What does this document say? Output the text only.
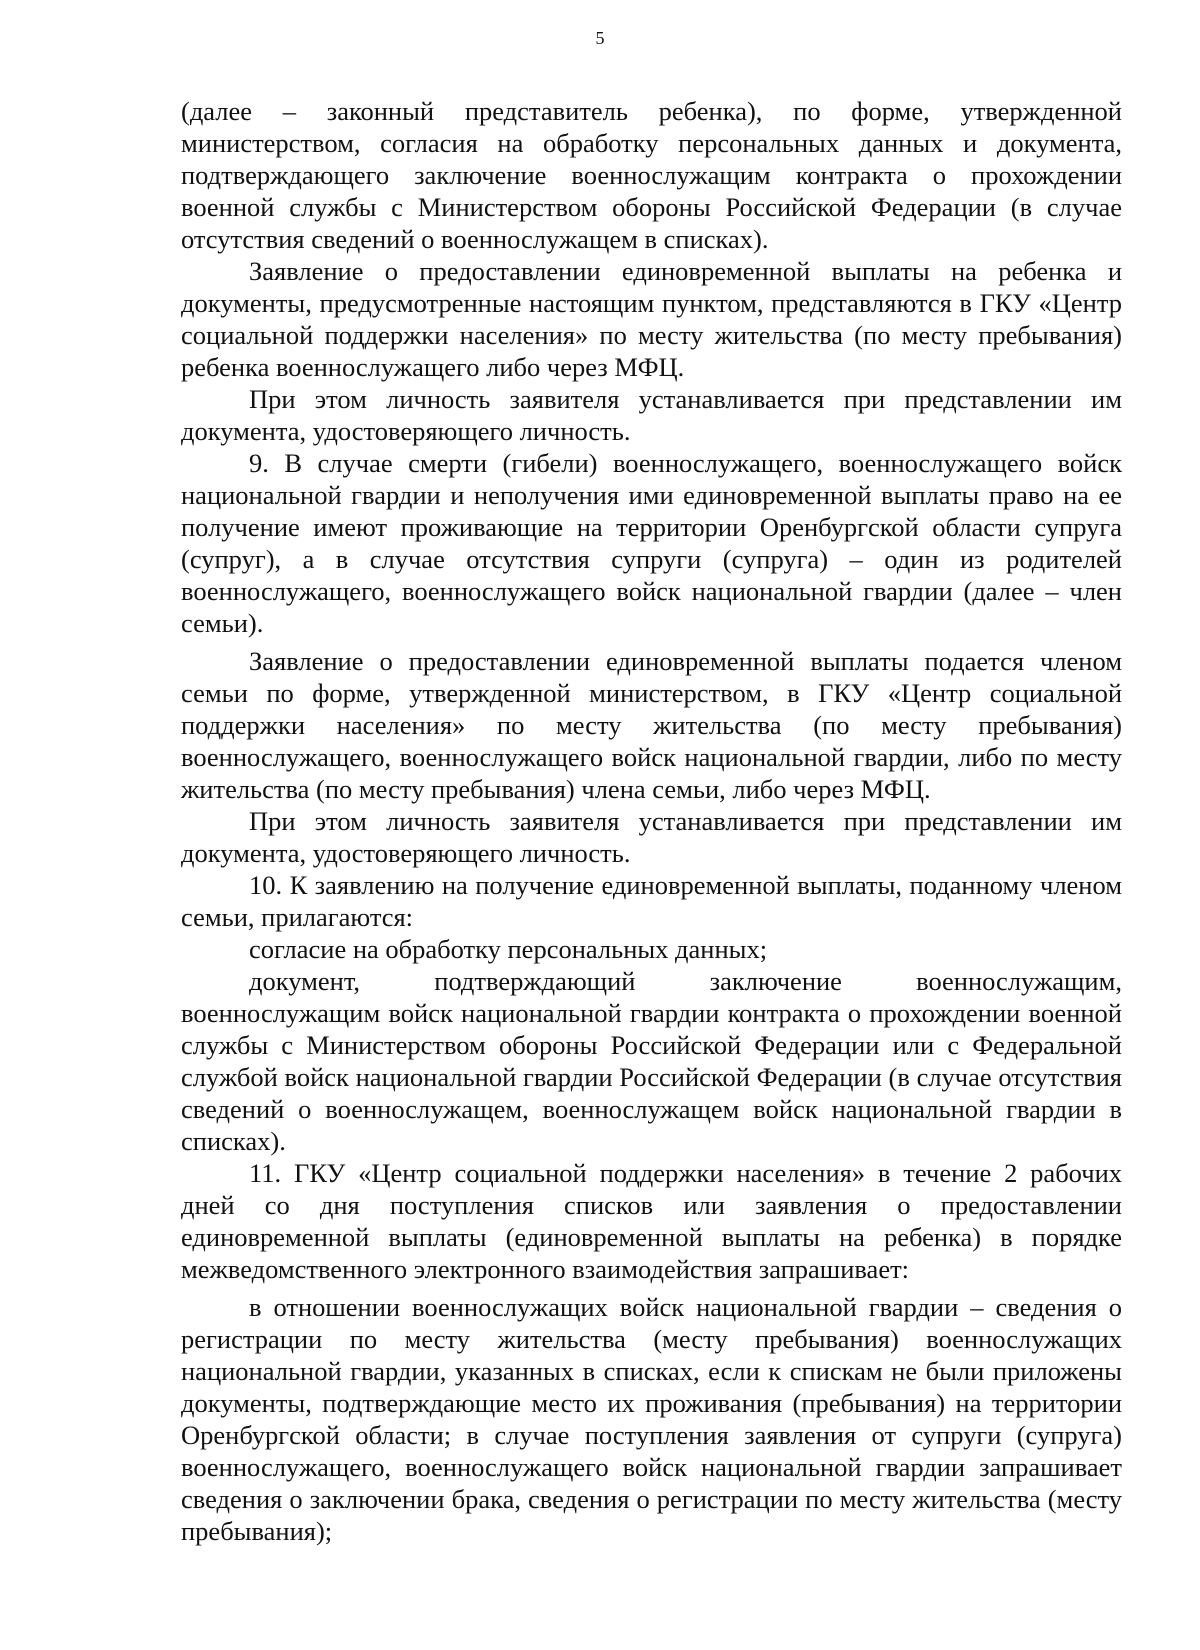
5

(далее – законный представитель ребенка), по форме, утвержденной министерством, согласия на обработку персональных данных и документа, подтверждающего заключение военнослужащим контракта о прохождении военной службы с Министерством обороны Российской Федерации (в случае отсутствия сведений о военнослужащем в списках).

Заявление о предоставлении единовременной выплаты на ребенка и документы, предусмотренные настоящим пунктом, представляются в ГКУ «Центр социальной поддержки населения» по месту жительства (по месту пребывания) ребенка военнослужащего либо через МФЦ.

При этом личность заявителя устанавливается при представлении им документа, удостоверяющего личность.

9. В случае смерти (гибели) военнослужащего, военнослужащего войск национальной гвардии и неполучения ими единовременной выплаты право на ее получение имеют проживающие на территории Оренбургской области супруга (супруг), а в случае отсутствия супруги (супруга) – один из родителей военнослужащего, военнослужащего войск национальной гвардии (далее – член семьи).

Заявление о предоставлении единовременной выплаты подается членом семьи по форме, утвержденной министерством, в ГКУ «Центр социальной поддержки населения» по месту жительства (по месту пребывания) военнослужащего, военнослужащего войск национальной гвардии, либо по месту жительства (по месту пребывания) члена семьи, либо через МФЦ.

При этом личность заявителя устанавливается при представлении им документа, удостоверяющего личность.

10. К заявлению на получение единовременной выплаты, поданному членом семьи, прилагаются:

согласие на обработку персональных данных;

документ, подтверждающий заключение военнослужащим, военнослужащим войск национальной гвардии контракта о прохождении военной службы с Министерством обороны Российской Федерации или с Федеральной службой войск национальной гвардии Российской Федерации (в случае отсутствия сведений о военнослужащем, военнослужащем войск национальной гвардии в списках).

11. ГКУ «Центр социальной поддержки населения» в течение 2 рабочих дней со дня поступления списков или заявления о предоставлении единовременной выплаты (единовременной выплаты на ребенка) в порядке межведомственного электронного взаимодействия запрашивает:

в отношении военнослужащих войск национальной гвардии – сведения о регистрации по месту жительства (месту пребывания) военнослужащих национальной гвардии, указанных в списках, если к спискам не были приложены документы, подтверждающие место их проживания (пребывания) на территории Оренбургской области; в случае поступления заявления от супруги (супруга) военнослужащего, военнослужащего войск национальной гвардии запрашивает сведения о заключении брака, сведения о регистрации по месту жительства (месту пребывания);
